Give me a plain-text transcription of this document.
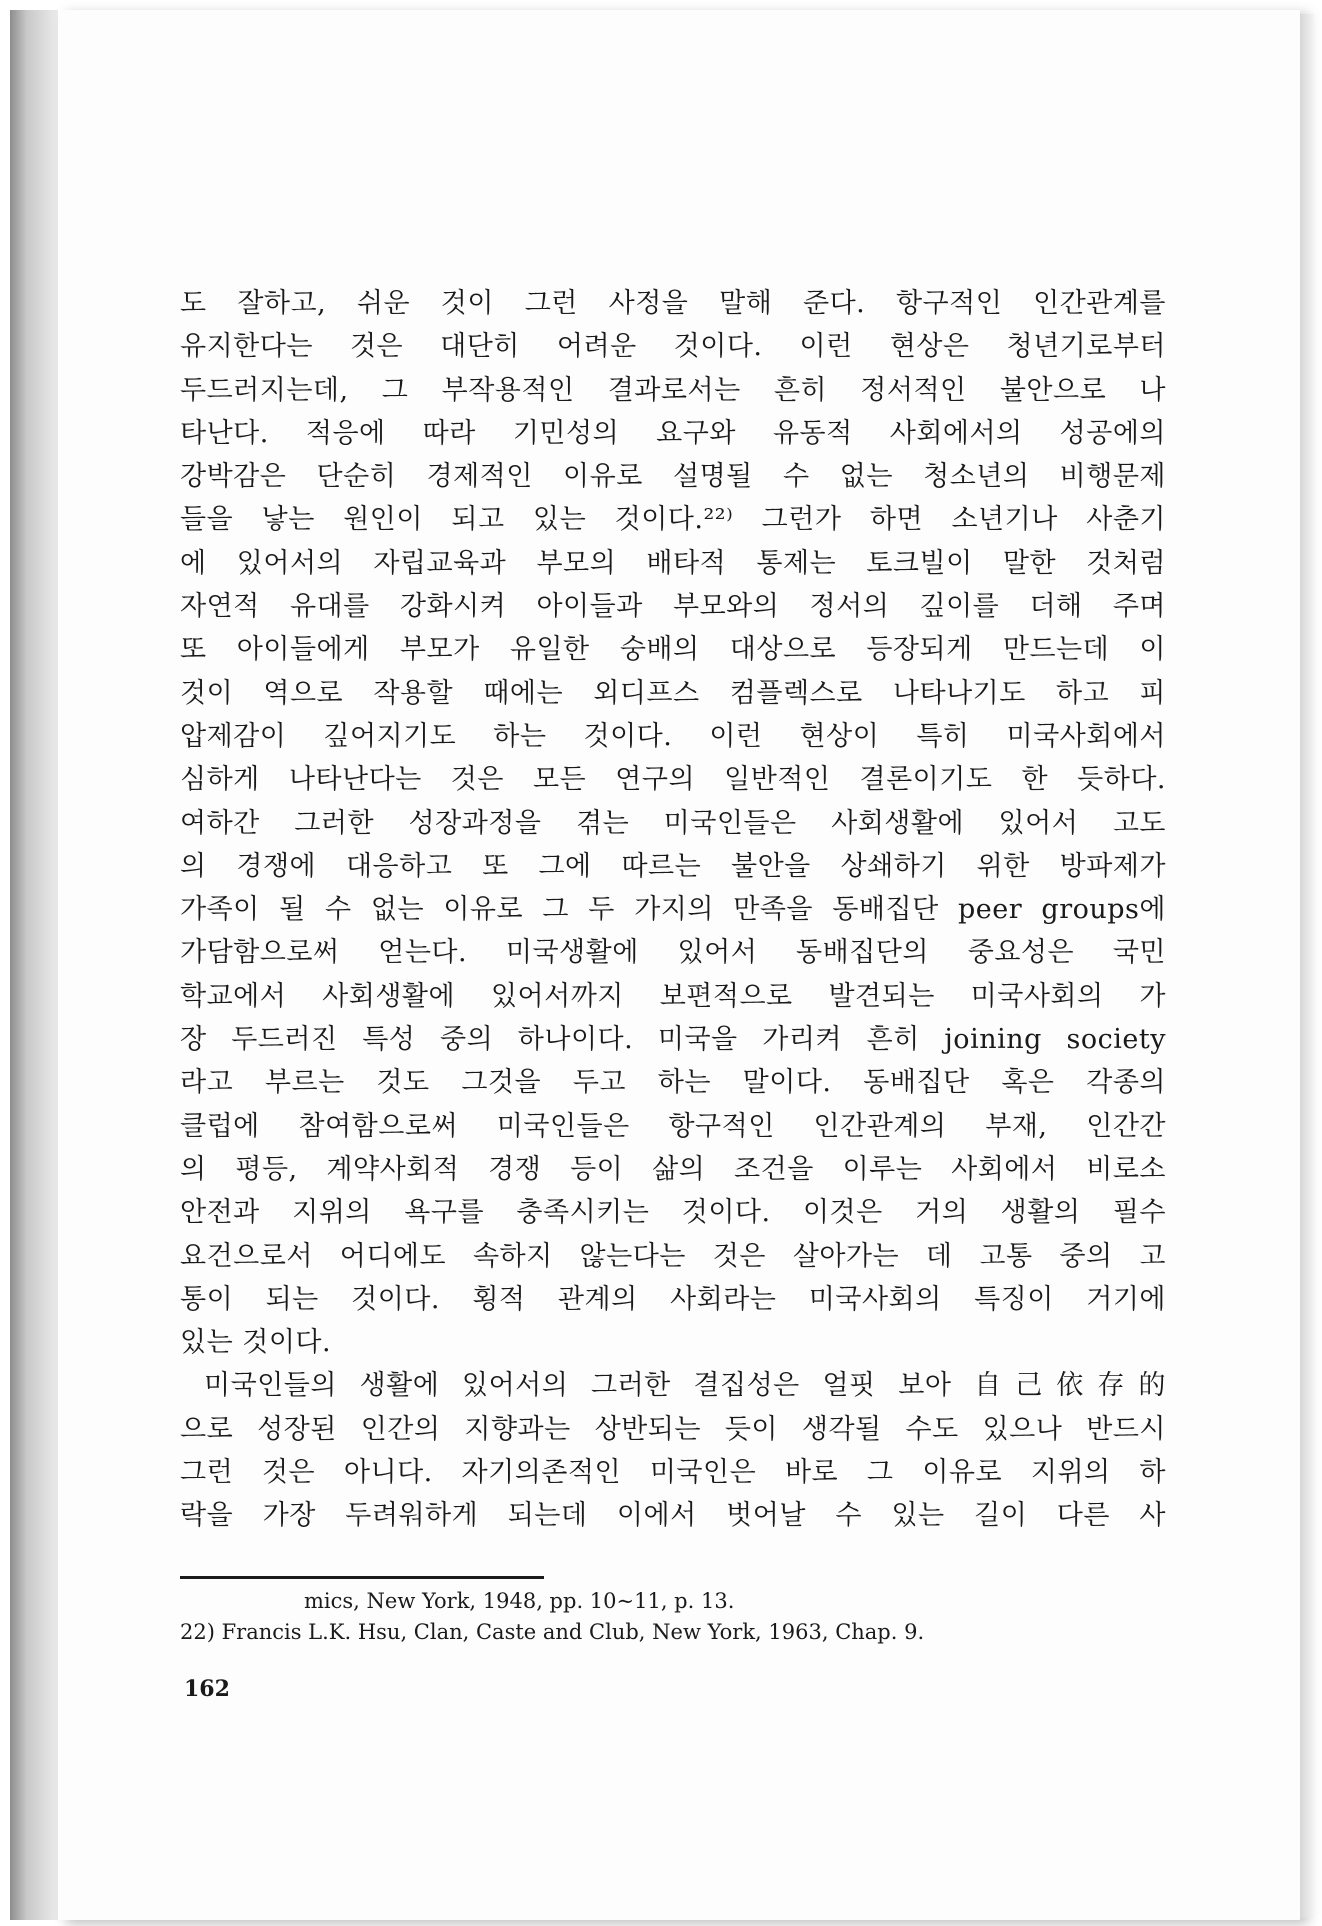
도 잘하고, 쉬운 것이 그런 사정을 말해 준다. 항구적인 인간관계를
유지한다는 것은 대단히 어려운 것이다. 이런 현상은 청년기로부터
두드러지는데, 그 부작용적인 결과로서는 흔히 정서적인 불안으로 나
타난다. 적응에 따라 기민성의 요구와 유동적 사회에서의 성공에의
강박감은 단순히 경제적인 이유로 설명될 수 없는 청소년의 비행문제
들을 낳는 원인이 되고 있는 것이다.²²⁾ 그런가 하면 소년기나 사춘기
에 있어서의 자립교육과 부모의 배타적 통제는 토크빌이 말한 것처럼
자연적 유대를 강화시켜 아이들과 부모와의 정서의 깊이를 더해 주며
또 아이들에게 부모가 유일한 숭배의 대상으로 등장되게 만드는데 이
것이 역으로 작용할 때에는 외디프스 컴플렉스로 나타나기도 하고 피
압제감이 깊어지기도 하는 것이다. 이런 현상이 특히 미국사회에서
심하게 나타난다는 것은 모든 연구의 일반적인 결론이기도 한 듯하다.
여하간 그러한 성장과정을 겪는 미국인들은 사회생활에 있어서 고도
의 경쟁에 대응하고 또 그에 따르는 불안을 상쇄하기 위한 방파제가
가족이 될 수 없는 이유로 그 두 가지의 만족을 동배집단 peer groups에
가담함으로써 얻는다. 미국생활에 있어서 동배집단의 중요성은 국민
학교에서 사회생활에 있어서까지 보편적으로 발견되는 미국사회의 가
장 두드러진 특성 중의 하나이다. 미국을 가리켜 흔히 joining society
라고 부르는 것도 그것을 두고 하는 말이다. 동배집단 혹은 각종의
클럽에 참여함으로써 미국인들은 항구적인 인간관계의 부재, 인간간
의 평등, 계약사회적 경쟁 등이 삶의 조건을 이루는 사회에서 비로소
안전과 지위의 욕구를 충족시키는 것이다. 이것은 거의 생활의 필수
요건으로서 어디에도 속하지 않는다는 것은 살아가는 데 고통 중의 고
통이 되는 것이다. 횡적 관계의 사회라는 미국사회의 특징이 거기에
있는 것이다.
미국인들의 생활에 있어서의 그러한 결집성은 얼핏 보아 自己依存的
으로 성장된 인간의 지향과는 상반되는 듯이 생각될 수도 있으나 반드시
그런 것은 아니다. 자기의존적인 미국인은 바로 그 이유로 지위의 하
락을 가장 두려워하게 되는데 이에서 벗어날 수 있는 길이 다른 사
mics, New York, 1948, pp. 10∼11, p. 13.
22) Francis L.K. Hsu, Clan, Caste and Club, New York, 1963, Chap. 9.
162
